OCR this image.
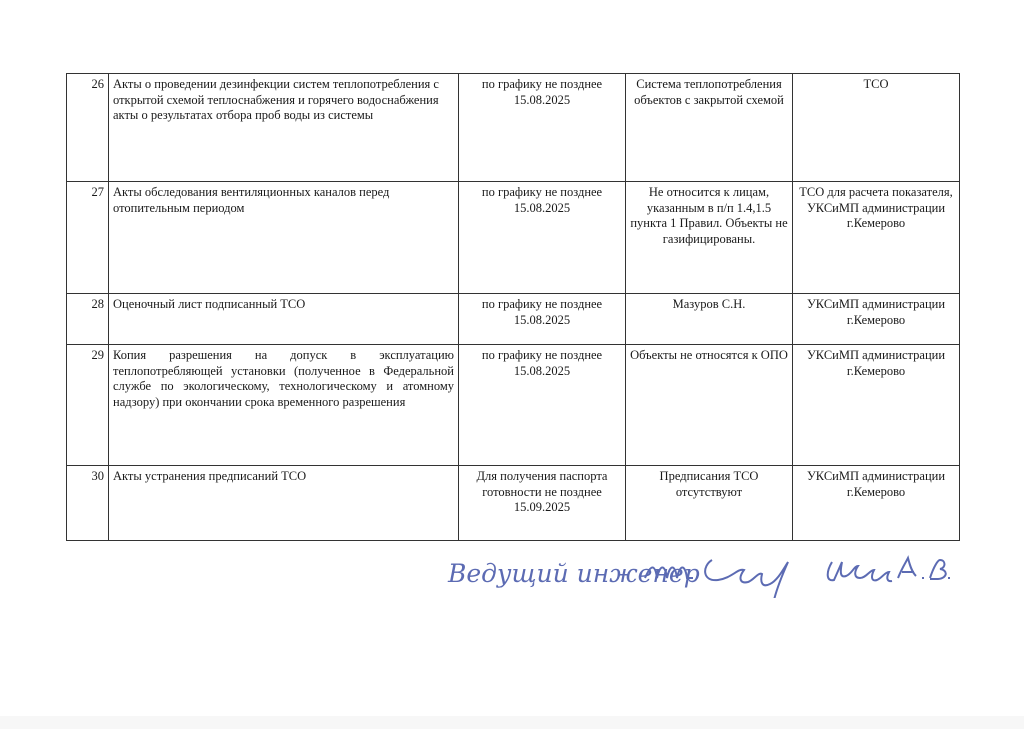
26	Акты о проведении дезинфекции систем теплопотребления с открытой схемой теплоснабжения и горячего водоснабжения акты о результатах отбора проб воды из системы	по графику не позднее 15.08.2025	Система теплопотребления объектов с закрытой схемой	ТСО
27	Акты обследования вентиляционных каналов перед отопительным периодом	по графику не позднее 15.08.2025	Не относится к лицам, указанным в п/п 1.4,1.5 пункта 1 Правил. Объекты не газифицированы.	ТСО для расчета показателя, УКСиМП администрации г.Кемерово
28	Оценочный лист подписанный ТСО	по графику не позднее 15.08.2025	Мазуров С.Н.	УКСиМП администрации г.Кемерово
29	Копия разрешения на допуск в эксплуатацию теплопотребляющей установки (полученное в Федеральной службе по экологическому, технологическому и атомному надзору) при окончании срока временного разрешения	по графику не позднее 15.08.2025	Объекты не относятся к ОПО	УКСиМП администрации г.Кемерово
30	Акты устранения предписаний ТСО	Для получения паспорта готовности не позднее 15.09.2025	Предписания ТСО отсутствуют	УКСиМП администрации г.Кемерово
Ведущий инженер
